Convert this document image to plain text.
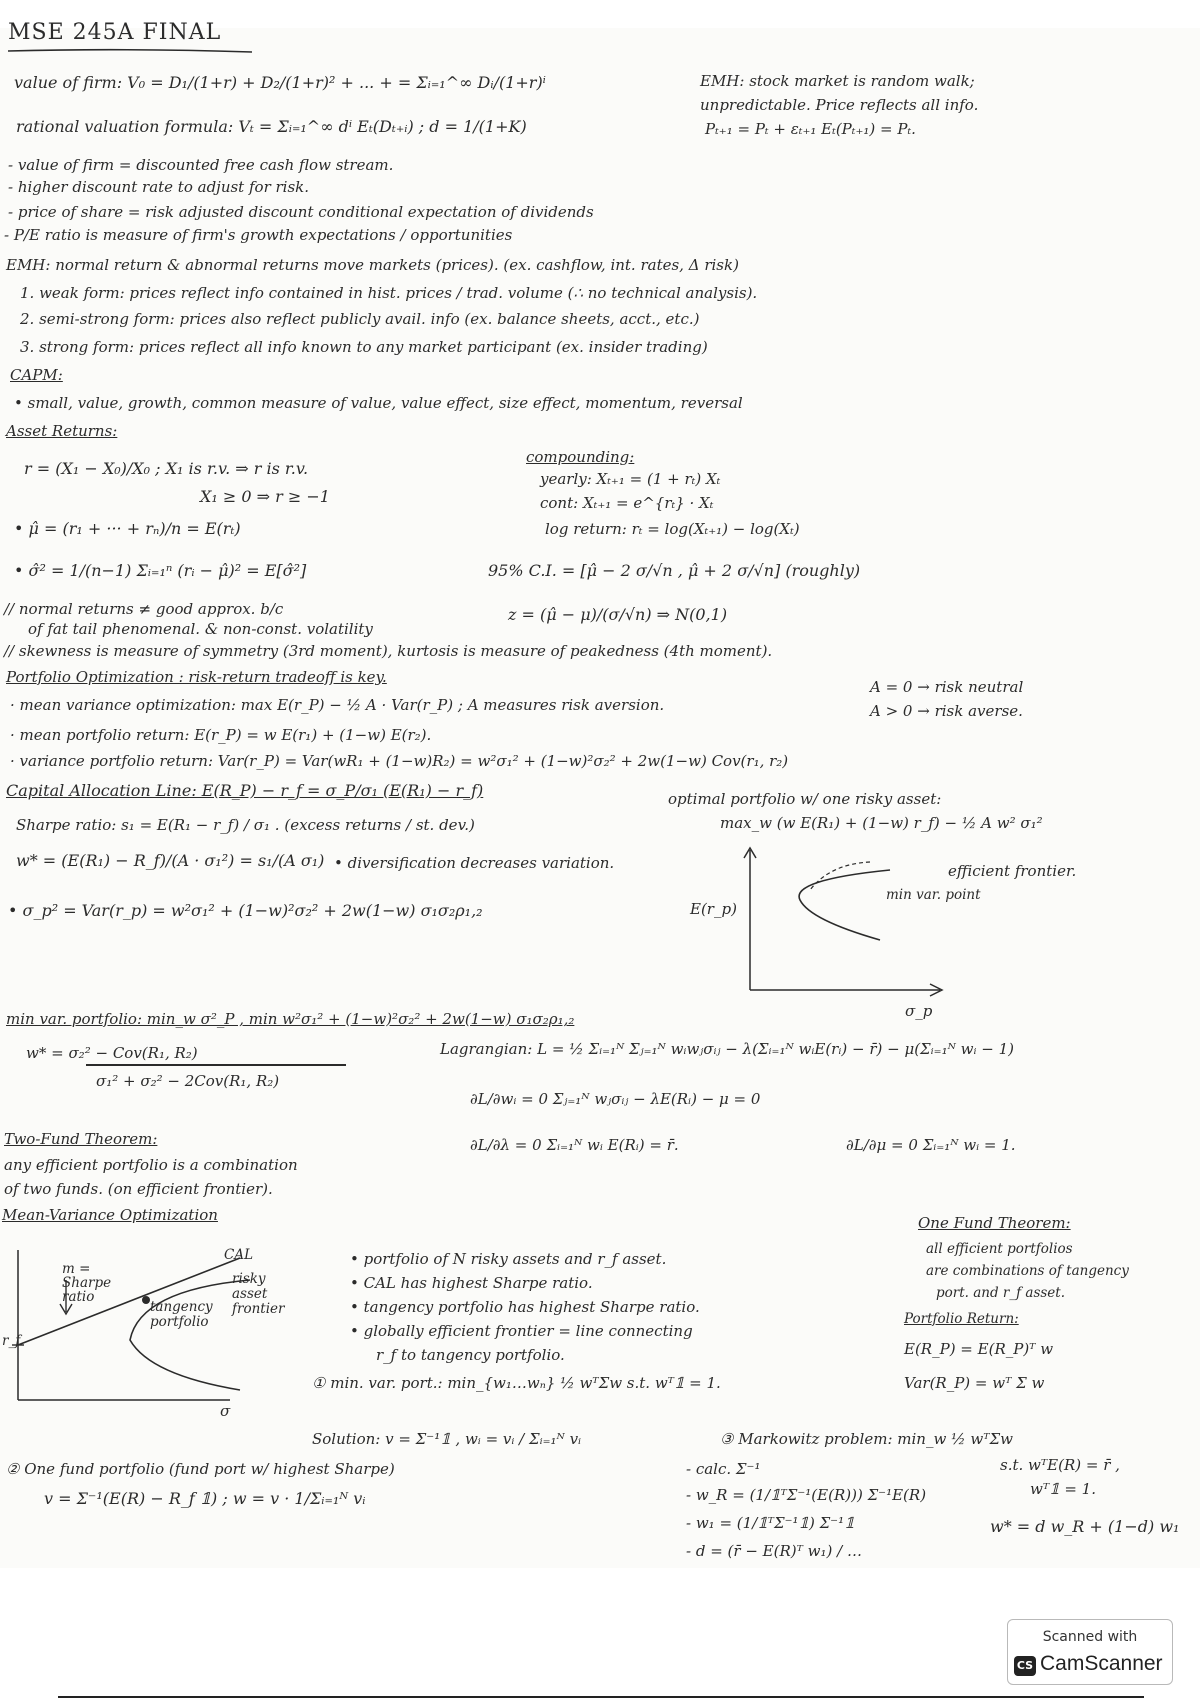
MSE 245A FINAL
value of firm: V₀ = D₁/(1+r) + D₂/(1+r)² + ... + = Σᵢ₌₁^∞ Dᵢ/(1+r)ⁱ
rational valuation formula: Vₜ = Σᵢ₌₁^∞ dⁱ Eₜ(Dₜ₊ᵢ) ; d = 1/(1+K)
EMH: stock market is random walk;
unpredictable. Price reflects all info.
Pₜ₊₁ = Pₜ + εₜ₊₁ Eₜ(Pₜ₊₁) = Pₜ.
- value of firm = discounted free cash flow stream.
- higher discount rate to adjust for risk.
- price of share = risk adjusted discount conditional expectation of dividends
- P/E ratio is measure of firm's growth expectations / opportunities
EMH: normal return & abnormal returns move markets (prices). (ex. cashflow, int. rates, Δ risk)
1. weak form: prices reflect info contained in hist. prices / trad. volume (∴ no technical analysis).
2. semi-strong form: prices also reflect publicly avail. info (ex. balance sheets, acct., etc.)
3. strong form: prices reflect all info known to any market participant (ex. insider trading)
CAPM:
• small, value, growth, common measure of value, value effect, size effect, momentum, reversal
Asset Returns:
r = (X₁ − X₀)/X₀ ; X₁ is r.v. ⇒ r is r.v.
X₁ ≥ 0 ⇒ r ≥ −1
• μ̂ = (r₁ + ··· + rₙ)/n = E(rₜ)
• σ̂² = 1/(n−1) Σᵢ₌₁ⁿ (rᵢ − μ̂)² = E[σ̂²]
compounding:
yearly: Xₜ₊₁ = (1 + rₜ) Xₜ
cont: Xₜ₊₁ = e^{rₜ} · Xₜ
log return: rₜ = log(Xₜ₊₁) − log(Xₜ)
95% C.I. = [μ̂ − 2 σ/√n , μ̂ + 2 σ/√n] (roughly)
// normal returns ≠ good approx. b/c
of fat tail phenomenal. & non-const. volatility
z = (μ̂ − μ)/(σ/√n) ⇒ N(0,1)
// skewness is measure of symmetry (3rd moment), kurtosis is measure of peakedness (4th moment).
Portfolio Optimization : risk-return tradeoff is key.
· mean variance optimization: max E(r_P) − ½ A · Var(r_P) ; A measures risk aversion.
A = 0 → risk neutral
A > 0 → risk averse.
· mean portfolio return: E(r_P) = w E(r₁) + (1−w) E(r₂).
· variance portfolio return: Var(r_P) = Var(wR₁ + (1−w)R₂) = w²σ₁² + (1−w)²σ₂² + 2w(1−w) Cov(r₁, r₂)
Capital Allocation Line: E(R_P) − r_f = σ_P/σ₁ (E(R₁) − r_f)	optimal portfolio w/ one risky asset:
max_w (w E(R₁) + (1−w) r_f) − ½ A w² σ₁²
Sharpe ratio: s₁ = E(R₁ − r_f) / σ₁ . (excess returns / st. dev.)
w* = (E(R₁) − R_f)/(A · σ₁²) = s₁/(A σ₁) • diversification decreases variation.
• σ_p² = Var(r_p) = w²σ₁² + (1−w)²σ₂² + 2w(1−w) σ₁σ₂ρ₁,₂	E(r_p)
σ_p
efficient frontier.
min var. point
min var. portfolio: min_w σ²_P , min w²σ₁² + (1−w)²σ₂² + 2w(1−w) σ₁σ₂ρ₁,₂
w* = σ₂² − Cov(R₁, R₂)
σ₁² + σ₂² − 2Cov(R₁, R₂)
Lagrangian: L = ½ Σᵢ₌₁ᴺ Σⱼ₌₁ᴺ wᵢwⱼσᵢⱼ − λ(Σᵢ₌₁ᴺ wᵢE(rᵢ) − r̄) − μ(Σᵢ₌₁ᴺ wᵢ − 1)
∂L/∂wᵢ = 0 Σⱼ₌₁ᴺ wⱼσᵢⱼ − λE(Rᵢ) − μ = 0
∂L/∂λ = 0 Σᵢ₌₁ᴺ wᵢ E(Rᵢ) = r̄.	∂L/∂μ = 0 Σᵢ₌₁ᴺ wᵢ = 1.
Two-Fund Theorem:
any efficient portfolio is a combination
of two funds. (on efficient frontier).
Mean-Variance Optimization
CAL
risky asset frontier
tangency portfolio
m = Sharpe ratio
r_f
σ
• portfolio of N risky assets and r_f asset.
• CAL has highest Sharpe ratio.
• tangency portfolio has highest Sharpe ratio.
• globally efficient frontier = line connecting
r_f to tangency portfolio.
One Fund Theorem:
all efficient portfolios
are combinations of tangency
port. and r_f asset.
Portfolio Return:
E(R_P) = E(R_P)ᵀ w
Var(R_P) = wᵀ Σ w
① min. var. port.: min_{w₁…wₙ} ½ wᵀΣw s.t. wᵀ𝟙 = 1.
Solution: v = Σ⁻¹𝟙 , wᵢ = vᵢ / Σᵢ₌₁ᴺ vᵢ	③ Markowitz problem: min_w ½ wᵀΣw
s.t. wᵀE(R) = r̄ ,
wᵀ𝟙 = 1.
② One fund portfolio (fund port w/ highest Sharpe)
v = Σ⁻¹(E(R) − R_f 𝟙) ; w = v · 1/Σᵢ₌₁ᴺ vᵢ
- calc. Σ⁻¹
- w_R = (1/𝟙ᵀΣ⁻¹(E(R))) Σ⁻¹E(R)
- w₁ = (1/𝟙ᵀΣ⁻¹𝟙) Σ⁻¹𝟙
- d = (r̄ − E(R)ᵀ w₁) / …
w* = d w_R + (1−d) w₁
Scanned with
CS CamScanner
